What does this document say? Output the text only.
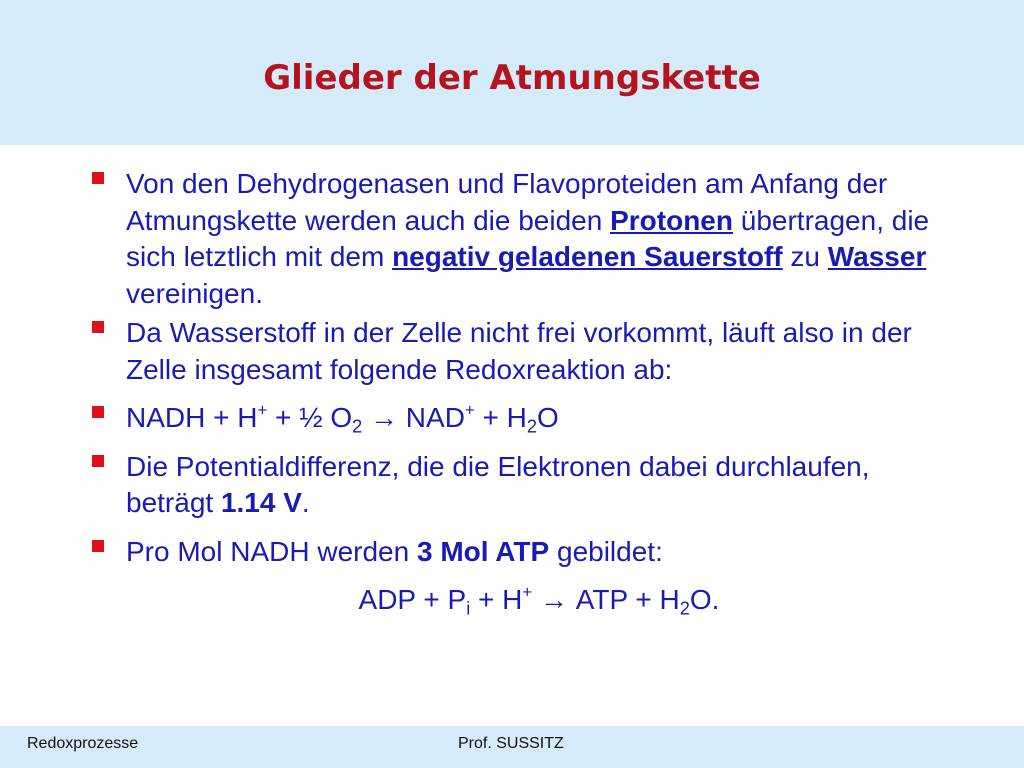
Glieder der Atmungskette

Von den Dehydrogenasen und Flavoproteiden am Anfang der Atmungskette werden auch die beiden Protonen übertragen, die sich letztlich mit dem negativ geladenen Sauerstoff zu Wasser vereinigen.

Da Wasserstoff in der Zelle nicht frei vorkommt, läuft also in der Zelle insgesamt folgende Redoxreaktion ab:

NADH + H+ + ½ $O_2 \to NAD^+ + H_2O$

Die Potentialdifferenz, die die Elektronen dabei durchlaufen, beträgt 1.14 V.

Pro Mol NADH werden 3 Mol ATP gebildet:

ADP + $P_i + H^+$ → ATP + $H_2O$.

Redoxprozesse	Prof. SUSSITZ
